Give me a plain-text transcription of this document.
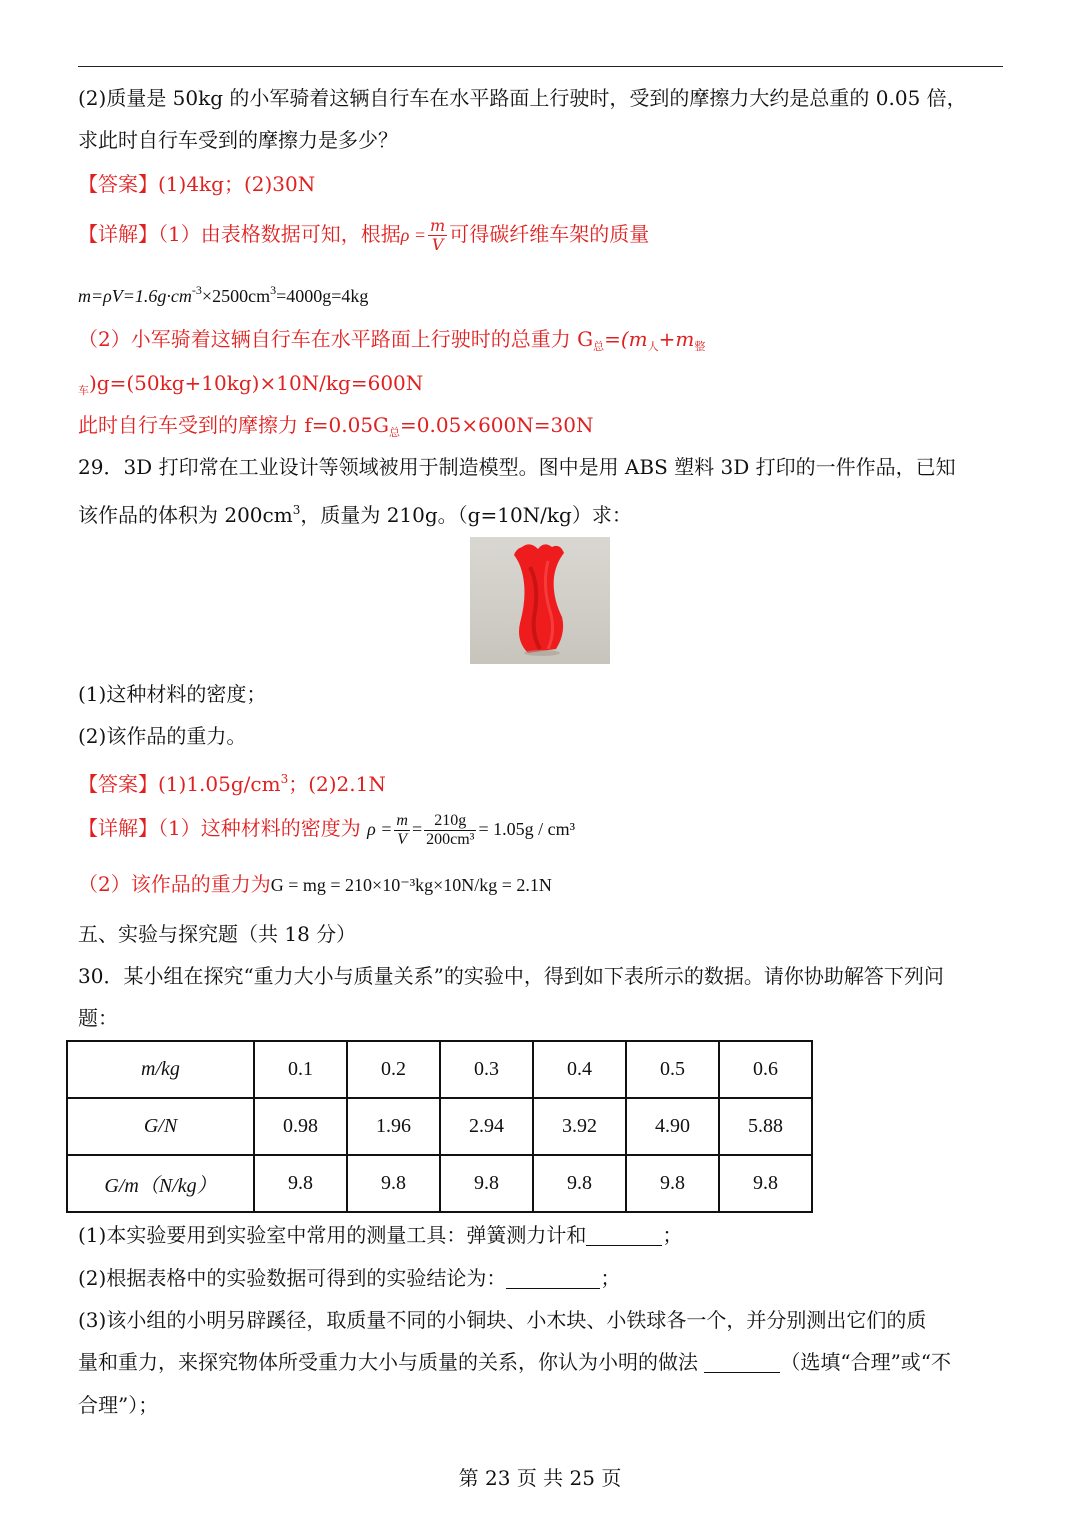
(2)质量是 50kg 的小军骑着这辆自行车在水平路面上行驶时，受到的摩擦力大约是总重的 0.05 倍，
求此时自行车受到的摩擦力是多少？
【答案】(1)4kg；(2)30N
【详解】（1）由表格数据可知，根据$\rho = \frac{m}{V}$ 可得碳纤维车架的质量
$m=\rho V=1.6g\cdot cm^{-3}\times 2500cm^3=4000g=4kg$
（2）小军骑着这辆自行车在水平路面上行驶时的总重力 $G_总=(m_人+m_整$
$_车$)g=(50kg+10kg)×10N/kg=600N
此时自行车受到的摩擦力 $f=0.05G_总=0.05\times 600N=30N$
29．3D 打印常在工业设计等领域被用于制造模型。图中是用 ABS 塑料 3D 打印的一件作品，已知
该作品的体积为 $200cm^3$，质量为 210g。（g=10N/kg）求：
(1)这种材料的密度；
(2)该作品的重力。
【答案】$(1)1.05g/cm^3$；(2)2.1N
【详解】（1）这种材料的密度为 $\rho = \frac{m}{V} = \frac{210g}{\text{200cm³}} = 1.05g / cm^3$
（2）该作品的重力为G = mg = 210×10⁻³kg×10N/kg = 2.1N
五、实验与探究题（共 18 分）
30．某小组在探究“重力大小与质量关系”的实验中，得到如下表所示的数据。请你协助解答下列问
题：
m/kg	0.1	0.2	0.3	0.4	0.5	0.6
G/N	0.98	1.96	2.94	3.92	4.90	5.88
G/m（N/kg）	9.8	9.8	9.8	9.8	9.8	9.8
(1)本实验要用到实验室中常用的测量工具：弹簧测力计和	；
(2)根据表格中的实验数据可得到的实验结论为：	；
(3)该小组的小明另辟蹊径，取质量不同的小铜块、小木块、小铁球各一个，并分别测出它们的质
量和重力，来探究物体所受重力大小与质量的关系，你认为小明的做法	（选填“合理”或“不
合理”）；
第 23 页 共 25 页
